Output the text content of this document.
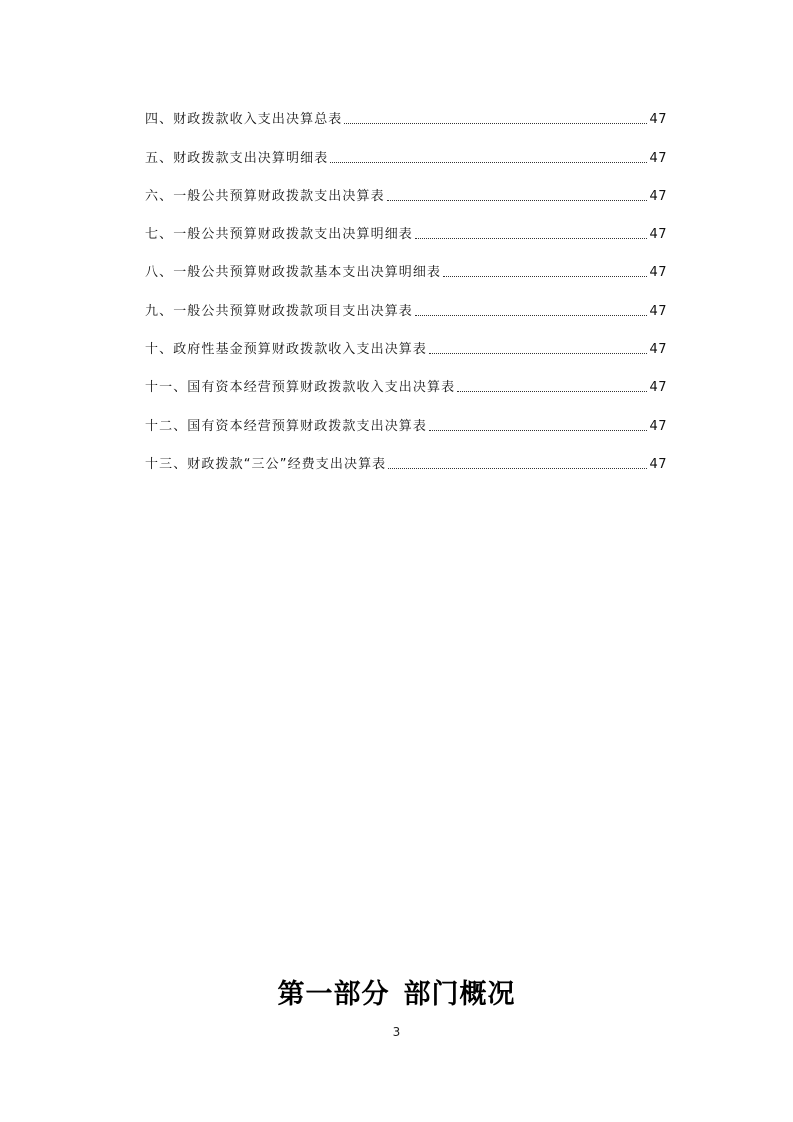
四、财政拨款收入支出决算总表	47
五、财政拨款支出决算明细表	47
六、一般公共预算财政拨款支出决算表	47
七、一般公共预算财政拨款支出决算明细表	47
八、一般公共预算财政拨款基本支出决算明细表	47
九、一般公共预算财政拨款项目支出决算表	47
十、政府性基金预算财政拨款收入支出决算表	47
十一、国有资本经营预算财政拨款收入支出决算表	47
十二、国有资本经营预算财政拨款支出决算表	47
十三、财政拨款“三公”经费支出决算表	47
第一部分 部门概况
3
